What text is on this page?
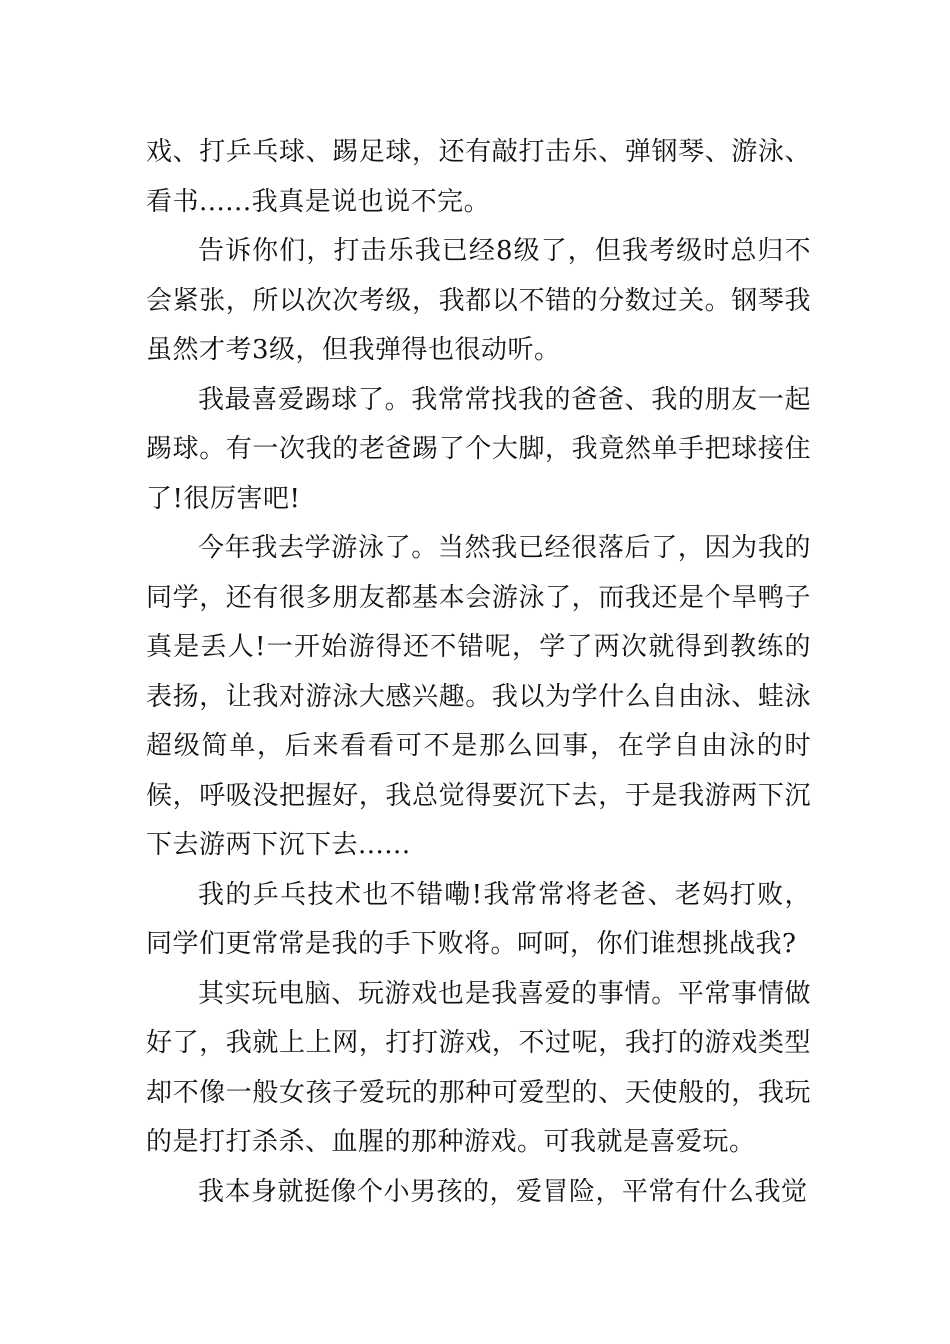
戏、打乒乓球、踢足球，还有敲打击乐、弹钢琴、游泳、看书......我真是说也说不完。

告诉你们，打击乐我已经8级了，但我考级时总归不会紧张，所以次次考级，我都以不错的分数过关。钢琴我虽然才考3级，但我弹得也很动听。

我最喜爱踢球了。我常常找我的爸爸、我的朋友一起踢球。有一次我的老爸踢了个大脚，我竟然单手把球接住了!很厉害吧!

今年我去学游泳了。当然我已经很落后了，因为我的同学，还有很多朋友都基本会游泳了，而我还是个旱鸭子真是丢人!一开始游得还不错呢，学了两次就得到教练的表扬，让我对游泳大感兴趣。我以为学什么自由泳、蛙泳超级简单，后来看看可不是那么回事，在学自由泳的时候，呼吸没把握好，我总觉得要沉下去，于是我游两下沉下去游两下沉下去......

我的乒乓技术也不错嘞!我常常将老爸、老妈打败，同学们更常常是我的手下败将。呵呵，你们谁想挑战我?

其实玩电脑、玩游戏也是我喜爱的事情。平常事情做好了，我就上上网，打打游戏，不过呢，我打的游戏类型却不像一般女孩子爱玩的那种可爱型的、天使般的，我玩的是打打杀杀、血腥的那种游戏。可我就是喜爱玩。

我本身就挺像个小男孩的，爱冒险，平常有什么我觉
